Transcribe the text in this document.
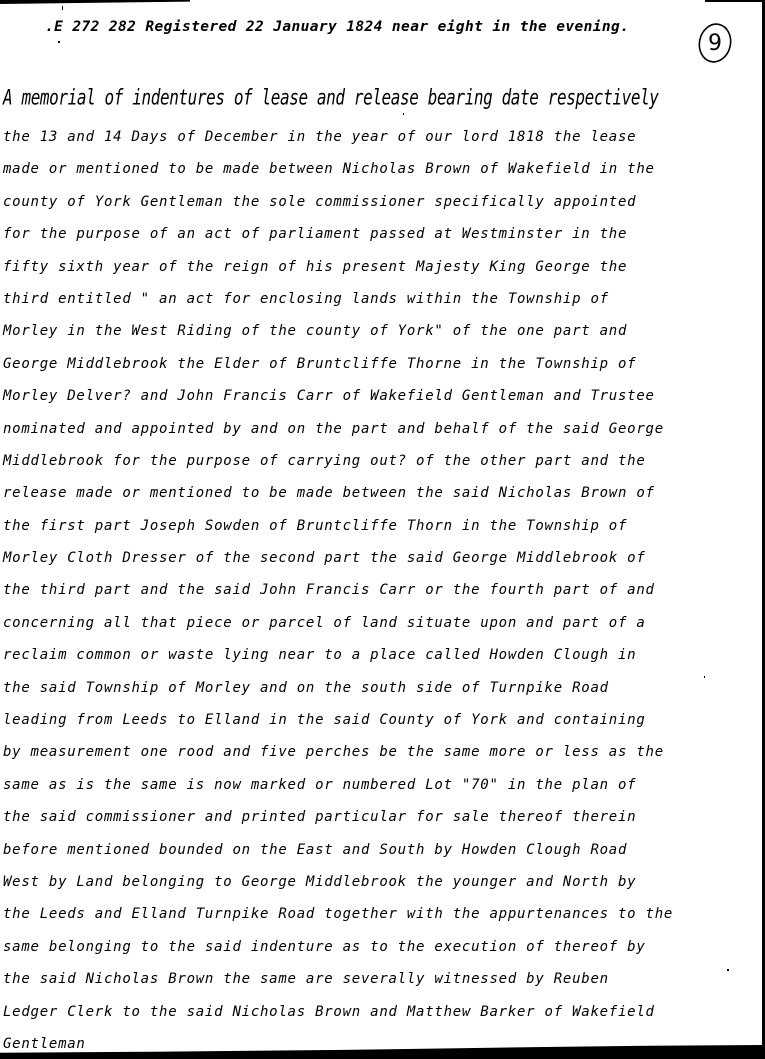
.E 272 282 Registered 22 January 1824 near eight in the evening.
9
A memorial of indentures of lease and release bearing date respectively
the 13 and 14 Days of December in the year of our lord 1818 the lease
made or mentioned to be made between Nicholas Brown of Wakefield in the
county of York Gentleman the sole commissioner specifically appointed
for the purpose of an act of parliament passed at Westminster in the
fifty sixth year of the reign of his present Majesty King George the
third entitled " an act for enclosing lands within the Township of
Morley in the West Riding of the county of York" of the one part and
George Middlebrook the Elder of Bruntcliffe Thorne in the Township of
Morley Delver? and John Francis Carr of Wakefield Gentleman and Trustee
nominated and appointed by and on the part and behalf of the said George
Middlebrook for the purpose of carrying out? of the other part and the
release made or mentioned to be made between the said Nicholas Brown of
the first part Joseph Sowden of Bruntcliffe Thorn in the Township of
Morley Cloth Dresser of the second part the said George Middlebrook of
the third part and the said John Francis Carr or the fourth part of and
concerning all that piece or parcel of land situate upon and part of a
reclaim common or waste lying near to a place called Howden Clough in
the said Township of Morley and on the south side of Turnpike Road
leading from Leeds to Elland in the said County of York and containing
by measurement one rood and five perches be the same more or less as the
same as is the same is now marked or numbered Lot "70" in the plan of
the said commissioner and printed particular for sale thereof therein
before mentioned bounded on the East and South by Howden Clough Road
West by Land belonging to George Middlebrook the younger and North by
the Leeds and Elland Turnpike Road together with the appurtenances to the
same belonging to the said indenture as to the execution of thereof by
the said Nicholas Brown the same are severally witnessed by Reuben
Ledger Clerk to the said Nicholas Brown and Matthew Barker of Wakefield
Gentleman
